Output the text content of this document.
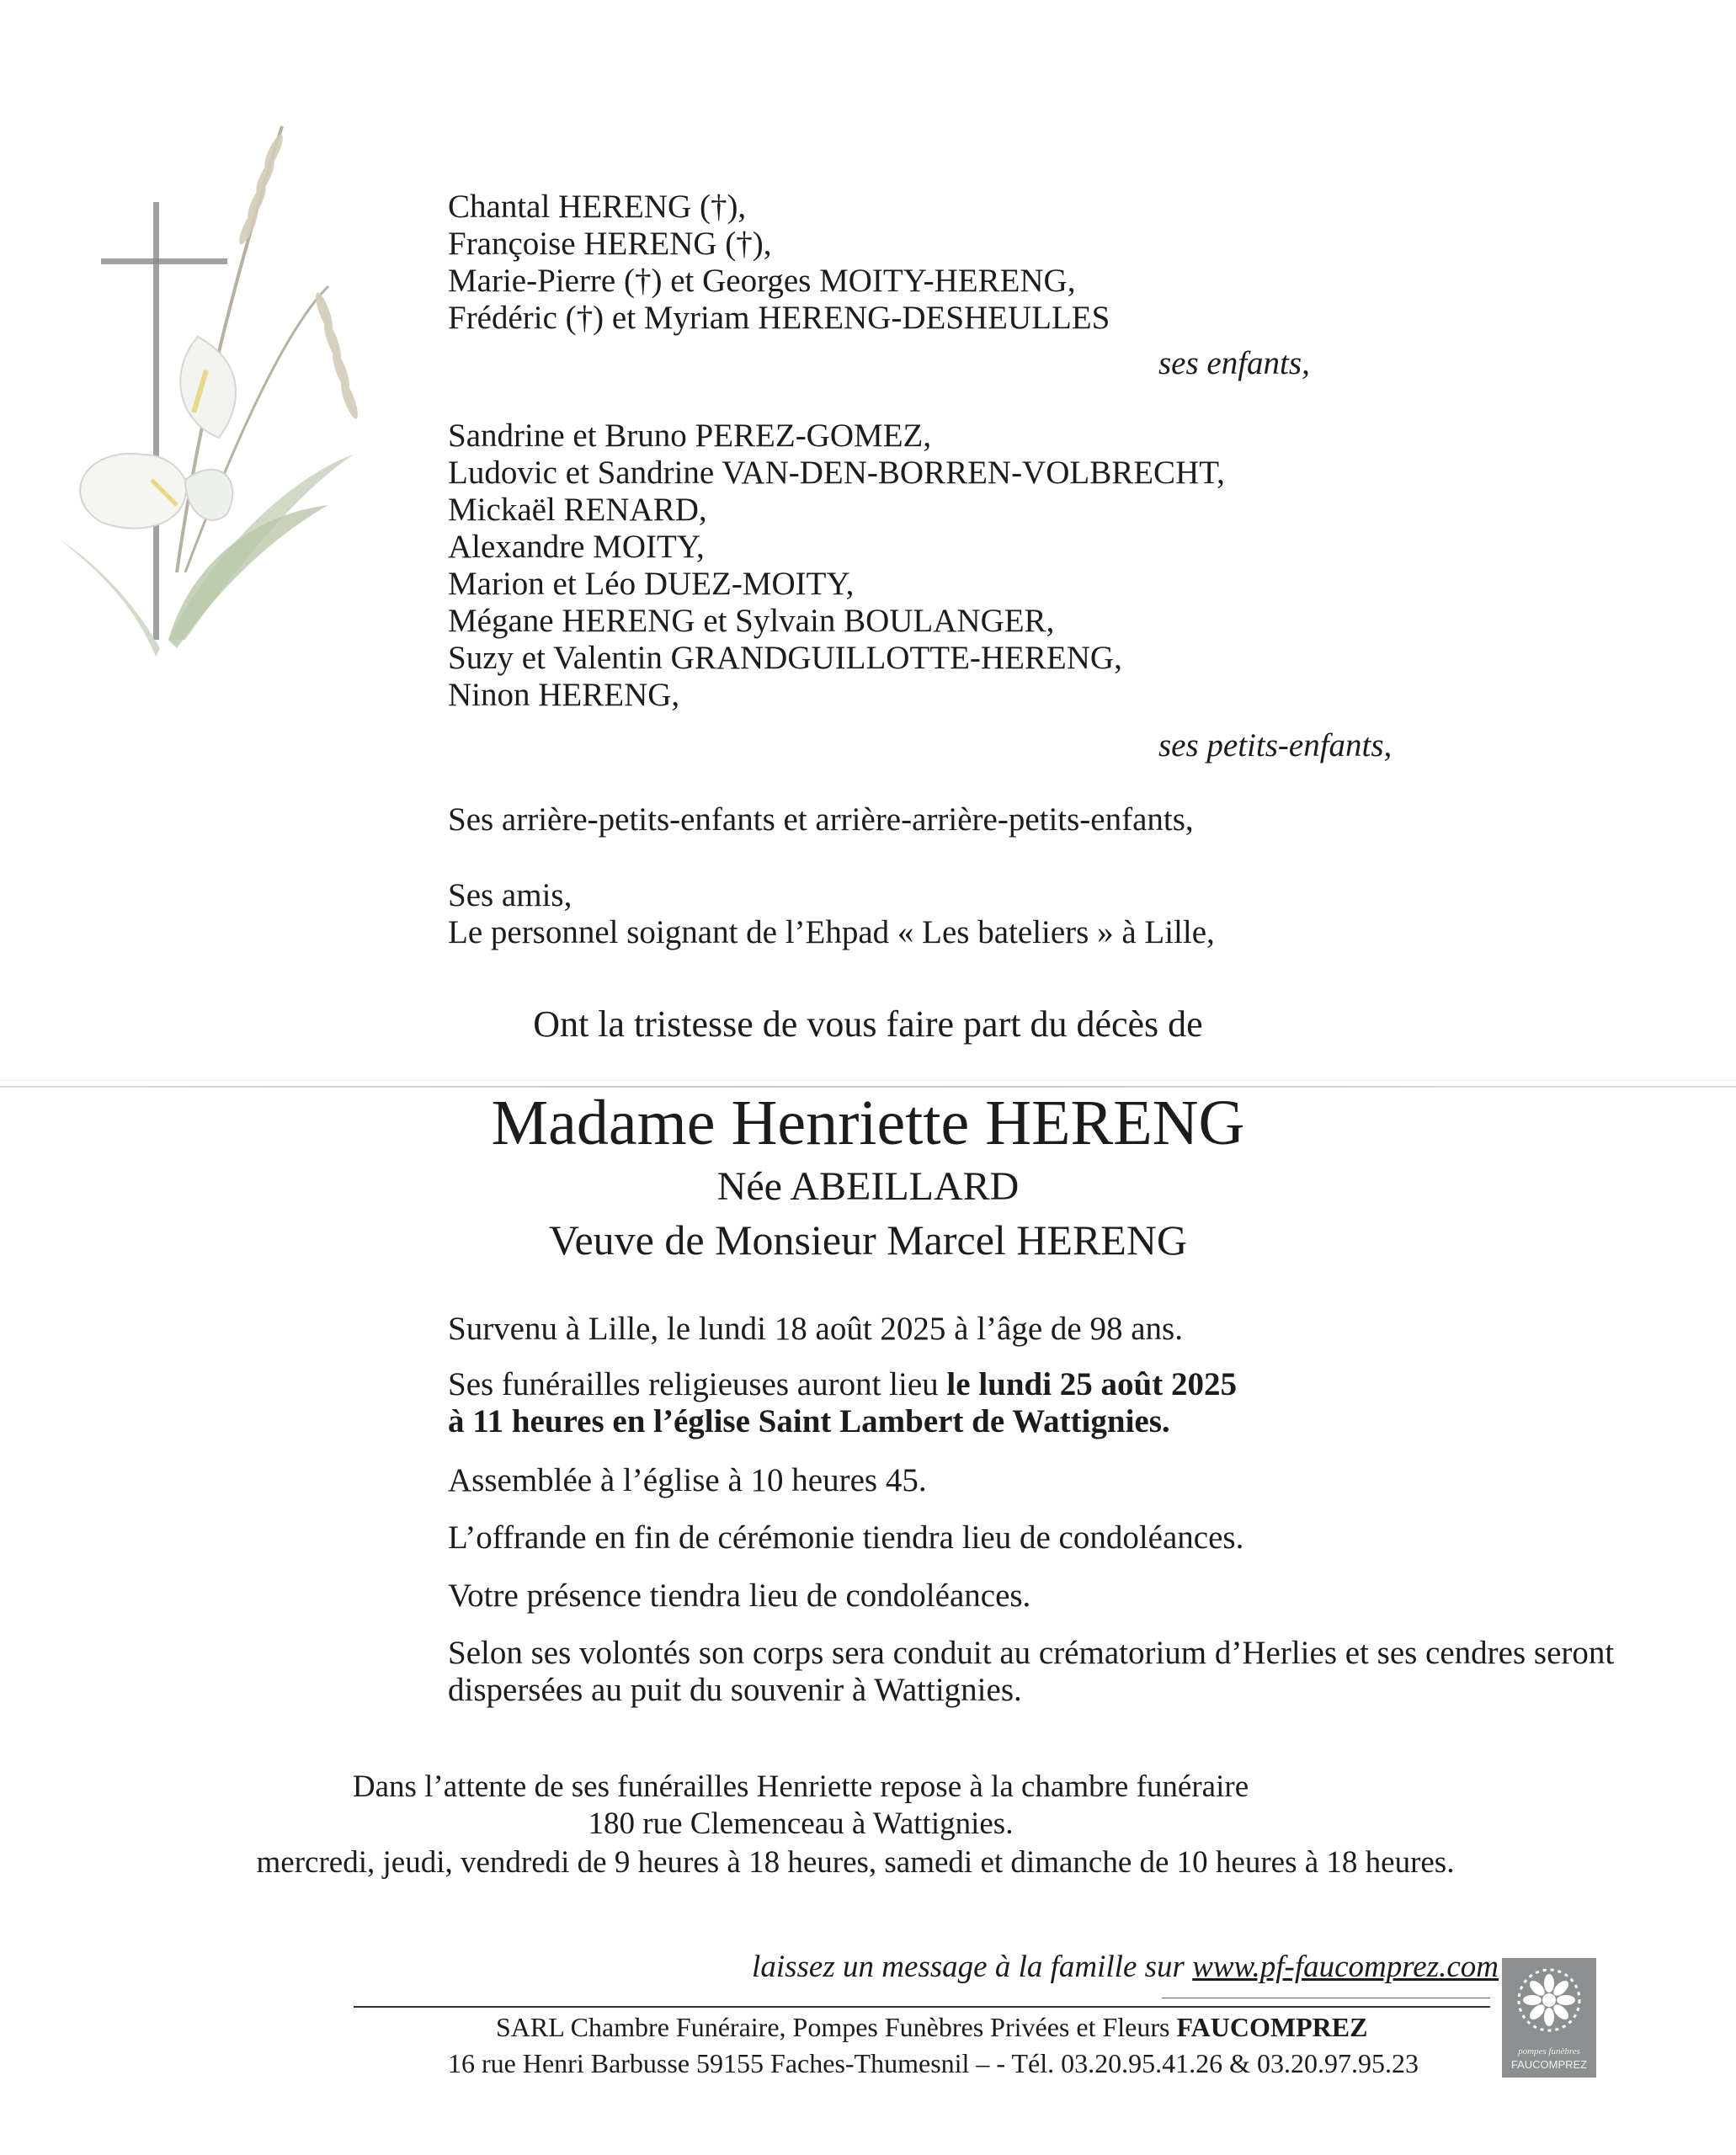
Chantal HERENG (†),
Françoise HERENG (†),
Marie-Pierre (†) et Georges MOITY-HERENG,
Frédéric (†) et Myriam HERENG-DESHEULLES
ses enfants,
Sandrine et Bruno PEREZ-GOMEZ,
Ludovic et Sandrine VAN-DEN-BORREN-VOLBRECHT,
Mickaël RENARD,
Alexandre MOITY,
Marion et Léo DUEZ-MOITY,
Mégane HERENG et Sylvain BOULANGER,
Suzy et Valentin GRANDGUILLOTTE-HERENG,
Ninon HERENG,
ses petits-enfants,
Ses arrière-petits-enfants et arrière-arrière-petits-enfants,
Ses amis,
Le personnel soignant de l’Ehpad « Les bateliers » à Lille,
Ont la tristesse de vous faire part du décès de
Madame Henriette HERENG
Née ABEILLARD
Veuve de Monsieur Marcel HERENG
Survenu à Lille, le lundi 18 août 2025 à l’âge de 98 ans.
Ses funérailles religieuses auront lieu le lundi 25 août 2025
à 11 heures en l’église Saint Lambert de Wattignies.
Assemblée à l’église à 10 heures 45.
L’offrande en fin de cérémonie tiendra lieu de condoléances.
Votre présence tiendra lieu de condoléances.
Selon ses volontés son corps sera conduit au crématorium d’Herlies et ses cendres seront
dispersées au puit du souvenir à Wattignies.
Dans l’attente de ses funérailles Henriette repose à la chambre funéraire
180 rue Clemenceau à Wattignies.
mercredi, jeudi, vendredi de 9 heures à 18 heures, samedi et dimanche de 10 heures à 18 heures.
laissez un message à la famille sur www.pf-faucomprez.com
SARL Chambre Funéraire, Pompes Funèbres Privées et Fleurs FAUCOMPREZ
16 rue Henri Barbusse 59155 Faches-Thumesnil – - Tél. 03.20.95.41.26 & 03.20.97.95.23	pompes funèbres
FAUCOMPREZ
